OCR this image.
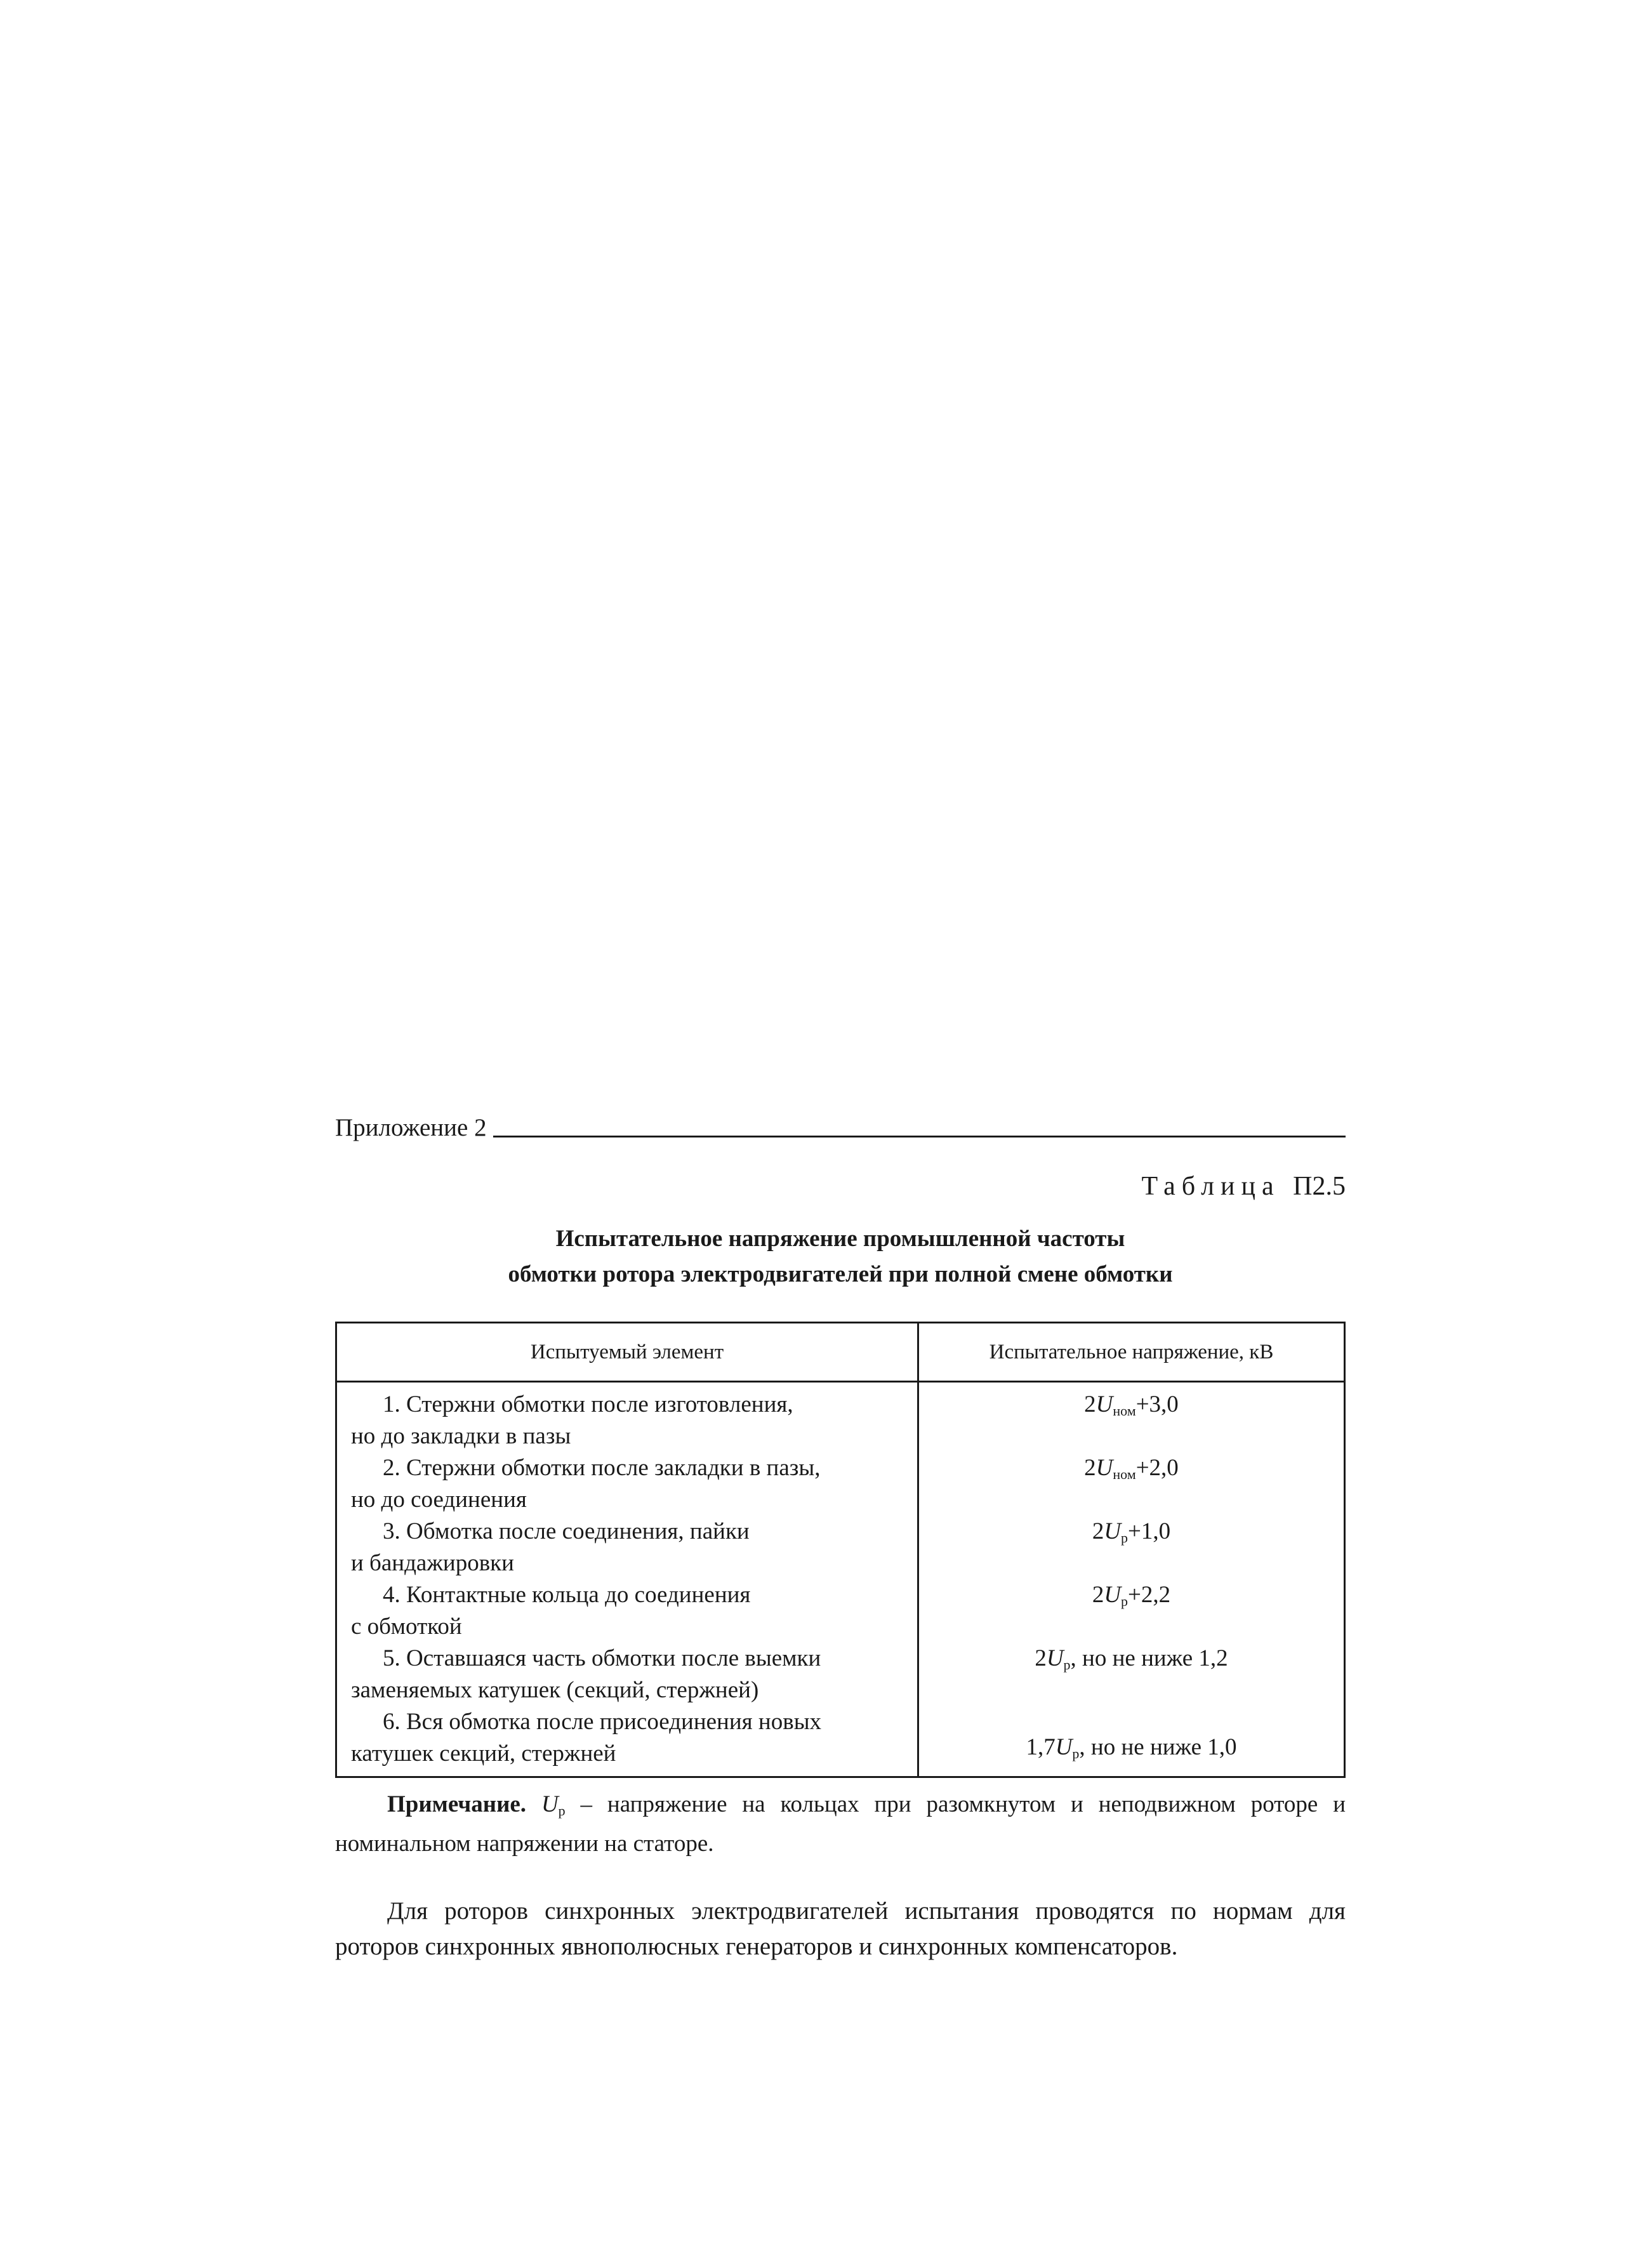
Приложение 2
Таблица П2.5
Испытательное напряжение промышленной частоты
обмотки ротора электродвигателей при полной смене обмотки
Испытуемый элемент	Испытательное напряжение, кВ

1. Стержни обмотки после изготовления,
но до закладки в пазы	$2U_{ном}+3,0$

2. Стержни обмотки после закладки в пазы,
но до соединения	$2U_{ном}+2,0$

3. Обмотка после соединения, пайки
и бандажировки	$2U_р+1,0$

4. Контактные кольца до соединения
с обмоткой	$2U_р+2,2$

5. Оставшаяся часть обмотки после выемки
заменяемых катушек (секций, стержней)	$2U_р$, но не ниже 1,2

6. Вся обмотка после присоединения новых
катушек секций, стержней	$1,7U_р$, но не ниже 1,0

Примечание. $U_р$ – напряжение на кольцах при разомкнутом и неподвижном роторе и номинальном напряжении на статоре.

Для роторов синхронных электродвигателей испытания проводятся по нормам для роторов синхронных явнополюсных генераторов и синхронных компенсаторов.
